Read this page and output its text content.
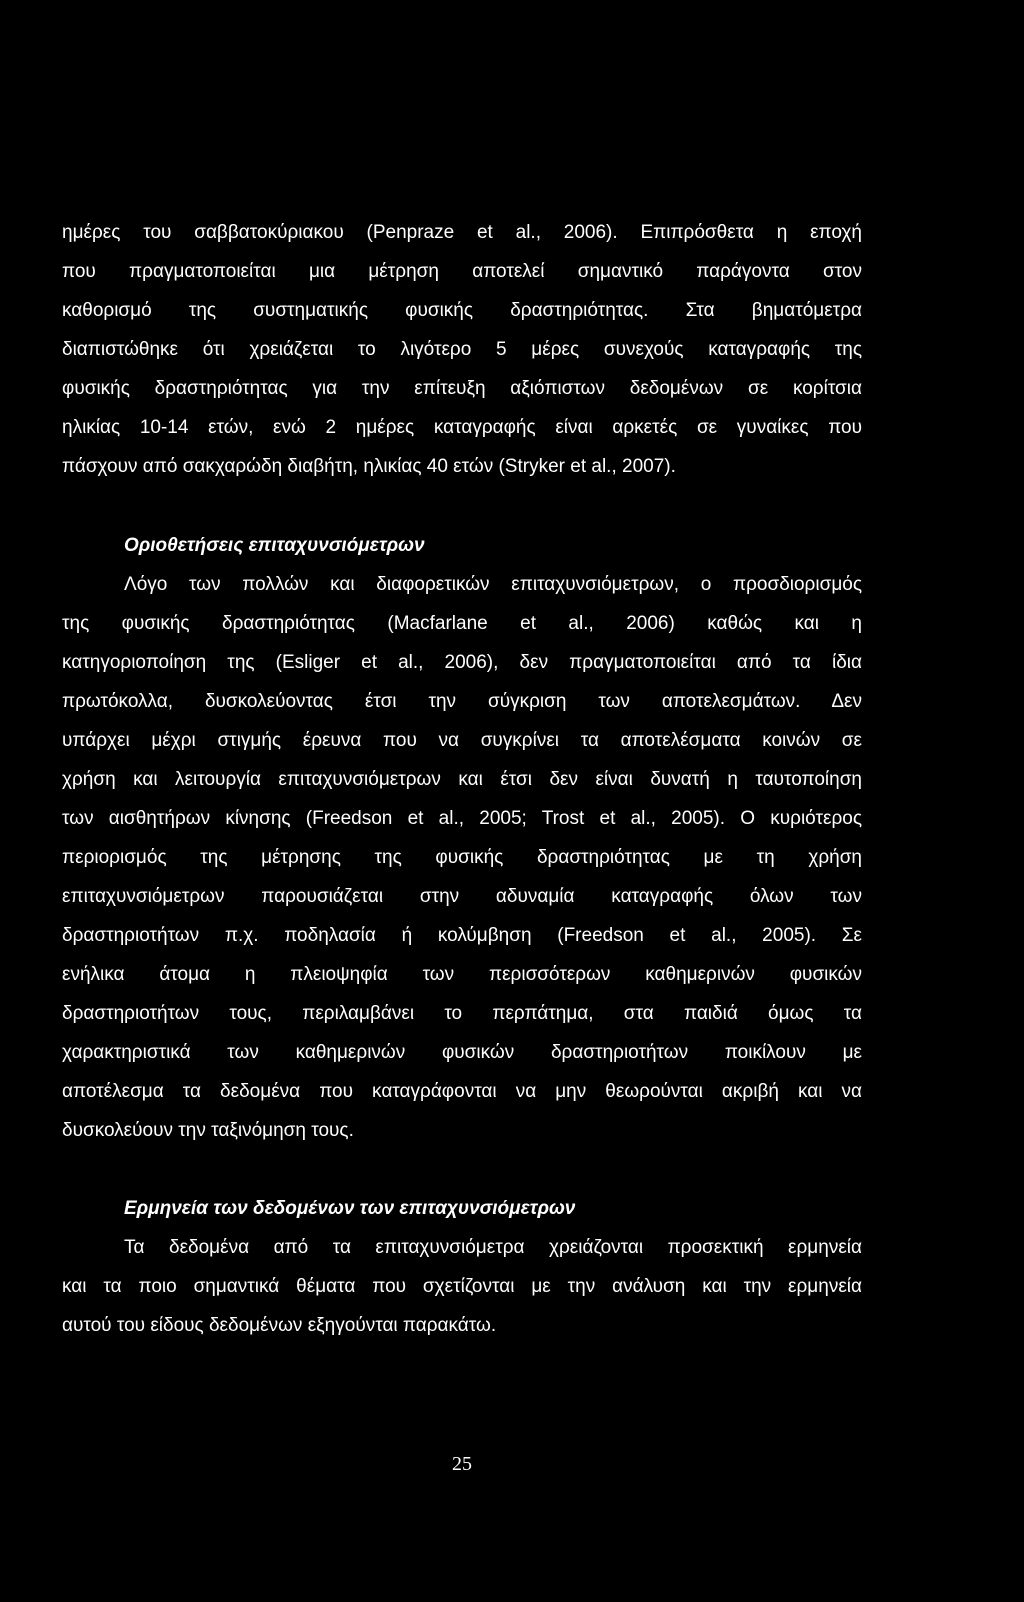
ημέρες του σαββατοκύριακου (Penpraze et al., 2006). Επιπρόσθετα η εποχή
που πραγματοποιείται μια μέτρηση αποτελεί σημαντικό παράγοντα στον
καθορισμό της συστηματικής φυσικής δραστηριότητας. Στα βηματόμετρα
διαπιστώθηκε ότι χρειάζεται το λιγότερο 5 μέρες συνεχούς καταγραφής της
φυσικής δραστηριότητας για την επίτευξη αξιόπιστων δεδομένων σε κορίτσια
ηλικίας 10-14 ετών, ενώ 2 ημέρες καταγραφής είναι αρκετές σε γυναίκες που
πάσχουν από σακχαρώδη διαβήτη, ηλικίας 40 ετών (Stryker et al., 2007).
Οριοθετήσεις επιταχυνσιόμετρων
Λόγο των πολλών και διαφορετικών επιταχυνσιόμετρων, ο προσδιορισμός
της φυσικής δραστηριότητας (Macfarlane et al., 2006) καθώς και η
κατηγοριοποίηση της (Esliger et al., 2006), δεν πραγματοποιείται από τα ίδια
πρωτόκολλα, δυσκολεύοντας έτσι την σύγκριση των αποτελεσμάτων. Δεν
υπάρχει μέχρι στιγμής έρευνα που να συγκρίνει τα αποτελέσματα κοινών σε
χρήση και λειτουργία επιταχυνσιόμετρων και έτσι δεν είναι δυνατή η ταυτοποίηση
των αισθητήρων κίνησης (Freedson et al., 2005; Trost et al., 2005). Ο κυριότερος
περιορισμός της μέτρησης της φυσικής δραστηριότητας με τη χρήση
επιταχυνσιόμετρων παρουσιάζεται στην αδυναμία καταγραφής όλων των
δραστηριοτήτων π.χ. ποδηλασία ή κολύμβηση (Freedson et al., 2005). Σε
ενήλικα άτομα η πλειοψηφία των περισσότερων καθημερινών φυσικών
δραστηριοτήτων τους, περιλαμβάνει το περπάτημα, στα παιδιά όμως τα
χαρακτηριστικά των καθημερινών φυσικών δραστηριοτήτων ποικίλουν με
αποτέλεσμα τα δεδομένα που καταγράφονται να μην θεωρούνται ακριβή και να
δυσκολεύουν την ταξινόμηση τους.
Ερμηνεία των δεδομένων των επιταχυνσιόμετρων
Τα δεδομένα από τα επιταχυνσιόμετρα χρειάζονται προσεκτική ερμηνεία
και τα ποιο σημαντικά θέματα που σχετίζονται με την ανάλυση και την ερμηνεία
αυτού του είδους δεδομένων εξηγούνται παρακάτω.
25
